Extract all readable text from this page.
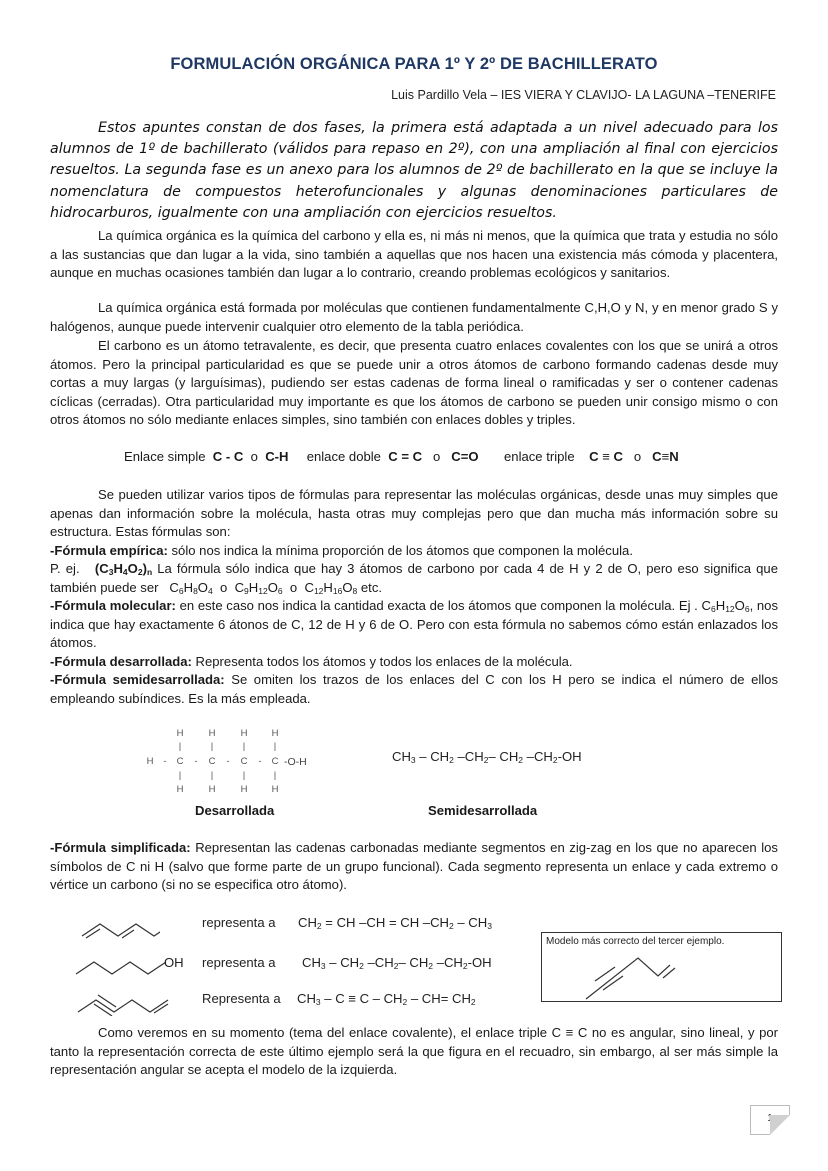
FORMULACIÓN ORGÁNICA PARA 1º Y 2º DE BACHILLERATO
Luis Pardillo Vela – IES VIERA Y CLAVIJO- LA LAGUNA –TENERIFE
Estos apuntes constan de dos fases, la primera está adaptada a un nivel adecuado para los alumnos de 1º de bachillerato (válidos para repaso en 2º), con una ampliación al final con ejercicios resueltos. La segunda fase es un anexo para los alumnos de 2º de bachillerato en la que se incluye la nomenclatura de compuestos heterofuncionales y algunas denominaciones particulares de hidrocarburos, igualmente con una ampliación con ejercicios resueltos.
La química orgánica es la química del carbono y ella es, ni más ni menos, que la química que trata y estudia no sólo a las sustancias que dan lugar a la vida, sino también a aquellas que nos hacen una existencia más cómoda y placentera, aunque en muchas ocasiones también dan lugar a lo contrario, creando problemas ecológicos y sanitarios.
La química orgánica está formada por moléculas que contienen fundamentalmente C,H,O y N, y en menor grado S y halógenos, aunque puede intervenir cualquier otro elemento de la tabla periódica.
El carbono es un átomo tetravalente, es decir, que presenta cuatro enlaces covalentes con los que se unirá a otros átomos. Pero la principal particularidad es que se puede unir a otros átomos de carbono formando cadenas desde muy cortas a muy largas (y larguísimas), pudiendo ser estas cadenas de forma lineal o ramificadas y ser o contener cadenas cíclicas (cerradas). Otra particularidad muy importante es que los átomos de carbono se pueden unir consigo mismo o con otros átomos no sólo mediante enlaces simples, sino también con enlaces dobles y triples.
Enlace simple C - C o C-H enlace doble C = C o C=O enlace triple C ≡ C o C≡N
Se pueden utilizar varios tipos de fórmulas para representar las moléculas orgánicas, desde unas muy simples que apenas dan información sobre la molécula, hasta otras muy complejas pero que dan mucha más información sobre su estructura. Estas fórmulas son:
-Fórmula empírica: sólo nos indica la mínima proporción de los átomos que componen la molécula.
P. ej. $(C_3H_4O_2)_n$ La fórmula sólo indica que hay 3 átomos de carbono por cada 4 de H y 2 de O, pero eso significa que también puede ser   $C_6H_8O_4$  o  $C_9H_{12}O_6$  o  $C_{12}H_{16}O_8$ etc.
-Fórmula molecular: en este caso nos indica la cantidad exacta de los átomos que componen la molécula. Ej . $C_6H_{12}O_6$, nos indica que hay exactamente 6 átonos de C, 12 de H y 6 de O. Pero con esta fórmula no sabemos cómo están enlazados los átomos.
-Fórmula desarrollada: Representa todos los átomos y todos los enlaces de la molécula.
-Fórmula semidesarrollada: Se omiten los trazos de los enlaces del C con los H pero se indica el número de ellos empleando subíndices. Es la más empleada.
H	H	H	H
|	|	|	|
H	-	C	-	C	-	C	-	C -O-H
|	|	|	|
H	H	H	H
$CH_3 - CH_2$ $-CH_2-$ $CH_2$ $-CH_2-OH$
Desarrollada	Semidesarrollada
-Fórmula simplificada: Representan las cadenas carbonadas mediante segmentos en zig-zag en los que no aparecen los símbolos de C ni H (salvo que forme parte de un grupo funcional). Cada segmento representa un enlace y cada extremo o vértice un carbono (si no se especifica otro átomo).
representa a $CH_2$ = CH –CH = CH $-CH_2 - CH_3$
OH representa a $CH_3 - CH_2$ $-CH_2-$ $CH_2$ $-CH_2-OH$
Representa a $CH_3 - C \equiv C - CH_2 - CH= CH_2$
Modelo más correcto del tercer ejemplo.
Como veremos en su momento (tema del enlace covalente), el enlace triple C ≡ C no es angular, sino lineal, y por tanto la representación correcta de este último ejemplo será la que figura en el recuadro, sin embargo, al ser más simple la representación angular se acepta el modelo de la izquierda.
1
